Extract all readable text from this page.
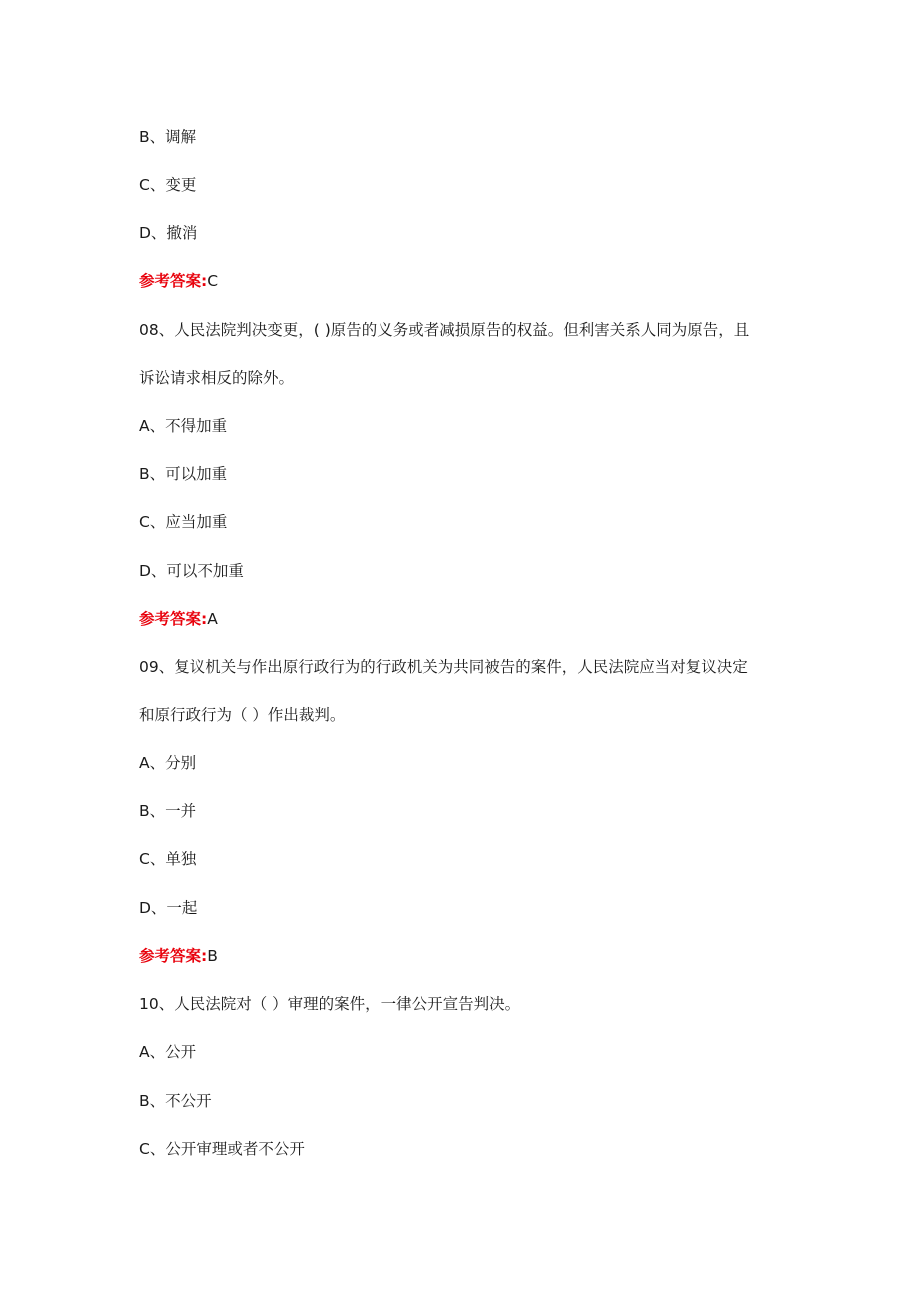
B、调解
C、变更
D、撤消
参考答案:C
08、人民法院判决变更，( )原告的义务或者减损原告的权益。但利害关系人同为原告，且
诉讼请求相反的除外。
A、不得加重
B、可以加重
C、应当加重
D、可以不加重
参考答案:A
09、复议机关与作出原行政行为的行政机关为共同被告的案件，人民法院应当对复议决定
和原行政行为（ ）作出裁判。
A、分别
B、一并
C、单独
D、一起
参考答案:B
10、人民法院对（ ）审理的案件，一律公开宣告判决。
A、公开
B、不公开
C、公开审理或者不公开
